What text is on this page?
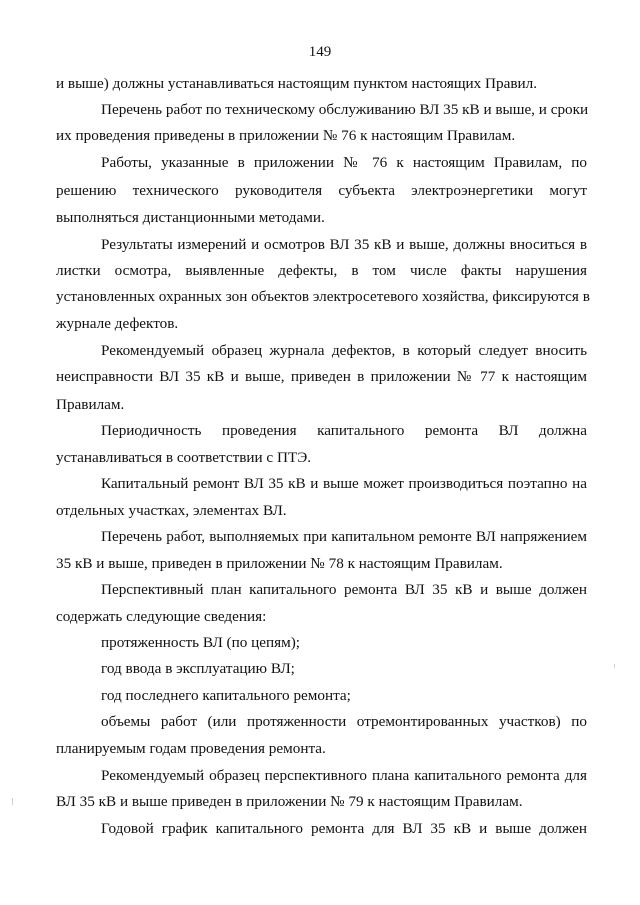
149
и выше) должны устанавливаться настоящим пунктом настоящих Правил.
Перечень работ по техническому обслуживанию ВЛ 35 кВ и выше, и сроки
их проведения приведены в приложении № 76 к настоящим Правилам.
Работы, указанные в приложении № 76 к настоящим Правилам, по
решению технического руководителя субъекта электроэнергетики могут
выполняться дистанционными методами.
Результаты измерений и осмотров ВЛ 35 кВ и выше, должны вноситься в
листки осмотра, выявленные дефекты, в том числе факты нарушения
установленных охранных зон объектов электросетевого хозяйства, фиксируются в
журнале дефектов.
Рекомендуемый образец журнала дефектов, в который следует вносить
неисправности ВЛ 35 кВ и выше, приведен в приложении № 77 к настоящим
Правилам.
Периодичность проведения капитального ремонта ВЛ должна
устанавливаться в соответствии с ПТЭ.
Капитальный ремонт ВЛ 35 кВ и выше может производиться поэтапно на
отдельных участках, элементах ВЛ.
Перечень работ, выполняемых при капитальном ремонте ВЛ напряжением
35 кВ и выше, приведен в приложении № 78 к настоящим Правилам.
Перспективный план капитального ремонта ВЛ 35 кВ и выше должен
содержать следующие сведения:
протяженность ВЛ (по цепям);
год ввода в эксплуатацию ВЛ;
год последнего капитального ремонта;
объемы работ (или протяженности отремонтированных участков) по
планируемым годам проведения ремонта.
Рекомендуемый образец перспективного плана капитального ремонта для
ВЛ 35 кВ и выше приведен в приложении № 79 к настоящим Правилам.
Годовой график капитального ремонта для ВЛ 35 кВ и выше должен
